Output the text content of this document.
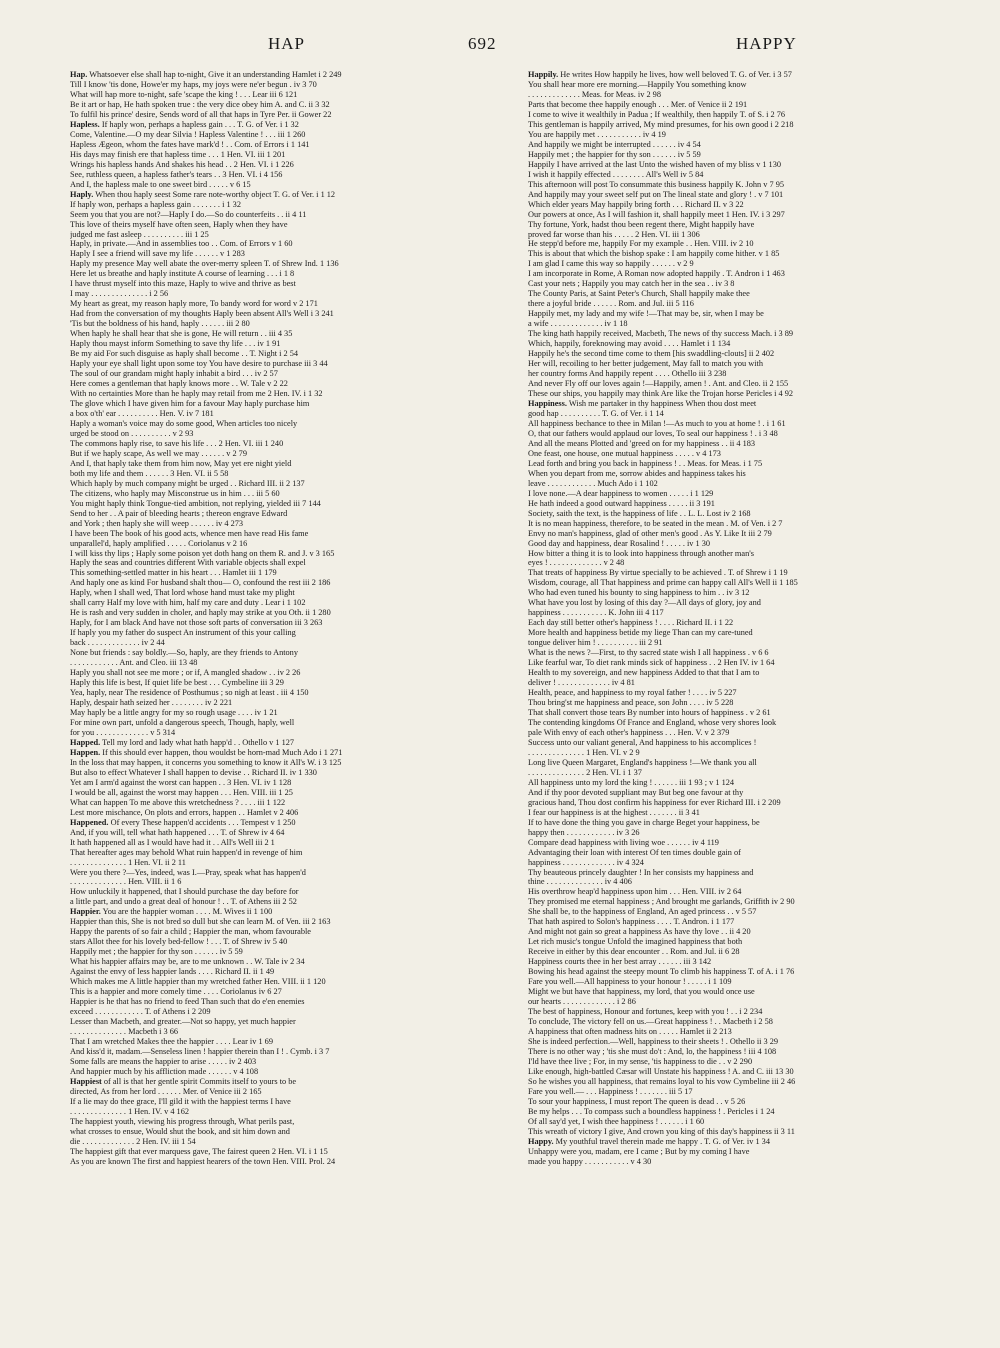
HAP	692	HAPPY
Hap. Whatsoever else shall hap to-night, Give it an understanding Hamlet i 2 249
Till I know 'tis done, Howe'er my haps, my joys were ne'er begun . iv 3 70
What will hap more to-night, safe 'scape the king ! . . . Lear iii 6 121
Be it art or hap, He hath spoken true : the very dice obey him A. and C. ii 3 32
To fulfil his prince' desire, Sends word of all that haps in Tyre Per. ii Gower 22
Hapless. If haply won, perhaps a hapless gain . . . T. G. of Ver. i 1 32
Come, Valentine.—O my dear Silvia ! Hapless Valentine ! . . . iii 1 260
Hapless Ægeon, whom the fates have mark'd ! . . Com. of Errors i 1 141
His days may finish ere that hapless time . . . 1 Hen. VI. iii 1 201
Wrings his hapless hands And shakes his head . . 2 Hen. VI. i 1 226
See, ruthless queen, a hapless father's tears . . 3 Hen. VI. i 4 156
And I, the hapless male to one sweet bird . . . . . v 6 15
Haply. When thou haply seest Some rare note-worthy object T. G. of Ver. i 1 12
If haply won, perhaps a hapless gain . . . . . . . i 1 32
Seem you that you are not?—Haply I do.—So do counterfeits . . ii 4 11
This love of theirs myself have often seen, Haply when they have
judged me fast asleep . . . . . . . . . . iii 1 25
Haply, in private.—And in assemblies too . . Com. of Errors v 1 60
Haply I see a friend will save my life . . . . . . v 1 283
Haply my presence May well abate the over-merry spleen T. of Shrew Ind. 1 136
Here let us breathe and haply institute A course of learning . . . i 1 8
I have thrust myself into this maze, Haply to wive and thrive as best
I may . . . . . . . . . . . . . . i 2 56
My heart as great, my reason haply more, To bandy word for word v 2 171
Had from the conversation of my thoughts Haply been absent All's Well i 3 241
'Tis but the boldness of his hand, haply . . . . . . iii 2 80
When haply he shall hear that she is gone, He will return . . iii 4 35
Haply thou mayst inform Something to save thy life . . . iv 1 91
Be my aid For such disguise as haply shall become . . T. Night i 2 54
Haply your eye shall light upon some toy You have desire to purchase iii 3 44
The soul of our grandam might haply inhabit a bird . . . iv 2 57
Here comes a gentleman that haply knows more . . W. Tale v 2 22
With no certainties More than he haply may retail from me 2 Hen. IV. i 1 32
The glove which I have given him for a favour May haply purchase him
a box o'th' ear . . . . . . . . . . Hen. V. iv 7 181
Haply a woman's voice may do some good, When articles too nicely
urged be stood on . . . . . . . . . . v 2 93
The commons haply rise, to save his life . . . 2 Hen. VI. iii 1 240
But if we haply scape, As well we may . . . . . . v 2 79
And I, that haply take them from him now, May yet ere night yield
both my life and them . . . . . . 3 Hen. VI. ii 5 58
Which haply by much company might be urged . . Richard III. ii 2 137
The citizens, who haply may Misconstrue us in him . . . iii 5 60
You might haply think Tongue-tied ambition, not replying, yielded iii 7 144
Send to her . . A pair of bleeding hearts ; thereon engrave Edward
and York ; then haply she will weep . . . . . . iv 4 273
I have been The book of his good acts, whence men have read His fame
unparallel'd, haply amplified . . . . . Coriolanus v 2 16
I will kiss thy lips ; Haply some poison yet doth hang on them R. and J. v 3 165
Haply the seas and countries different With variable objects shall expel
This something-settled matter in his heart . . . Hamlet iii 1 179
And haply one as kind For husband shalt thou— O, confound the rest iii 2 186
Haply, when I shall wed, That lord whose hand must take my plight
shall carry Half my love with him, half my care and duty . Lear i 1 102
He is rash and very sudden in choler, and haply may strike at you Oth. ii 1 280
Haply, for I am black And have not those soft parts of conversation iii 3 263
If haply you my father do suspect An instrument of this your calling
back . . . . . . . . . . . . . iv 2 44
None but friends : say boldly.—So, haply, are they friends to Antony
. . . . . . . . . . . . Ant. and Cleo. iii 13 48
Haply you shall not see me more ; or if, A mangled shadow . . iv 2 26
Haply this life is best, If quiet life be best . . . Cymbeline iii 3 29
Yea, haply, near The residence of Posthumus ; so nigh at least . iii 4 150
Haply, despair hath seized her . . . . . . . . iv 2 221
May haply be a little angry for my so rough usage . . . . iv 1 21
For mine own part, unfold a dangerous speech, Though, haply, well
for you . . . . . . . . . . . . . v 5 314
Happed. Tell my lord and lady what hath happ'd . . Othello v 1 127
Happen. If this should ever happen, thou wouldst be horn-mad Much Ado i 1 271
In the loss that may happen, it concerns you something to know it All's W. i 3 125
But also to effect Whatever I shall happen to devise . . Richard II. iv 1 330
Yet am I arm'd against the worst can happen . . 3 Hen. VI. iv 1 128
I would be all, against the worst may happen . . . Hen. VIII. iii 1 25
What can happen To me above this wretchedness ? . . . . iii 1 122
Lest more mischance, On plots and errors, happen . . Hamlet v 2 406
Happened. Of every These happen'd accidents . . . Tempest v 1 250
And, if you will, tell what hath happened . . . T. of Shrew iv 4 64
It hath happened all as I would have had it . . All's Well iii 2 1
That hereafter ages may behold What ruin happen'd in revenge of him
. . . . . . . . . . . . . . 1 Hen. VI. ii 2 11
Were you there ?—Yes, indeed, was I.—Pray, speak what has happen'd
. . . . . . . . . . . . . . Hen. VIII. ii 1 6
How unluckily it happened, that I should purchase the day before for
a little part, and undo a great deal of honour ! . . T. of Athens iii 2 52
Happier. You are the happier woman . . . . M. Wives ii 1 100
Happier than this, She is not bred so dull but she can learn M. of Ven. iii 2 163
Happy the parents of so fair a child ; Happier the man, whom favourable
stars Allot thee for his lovely bed-fellow ! . . . T. of Shrew iv 5 40
Happily met ; the happier for thy son . . . . . . iv 5 59
What his happier affairs may be, are to me unknown . . W. Tale iv 2 34
Against the envy of less happier lands . . . . Richard II. ii 1 49
Which makes me A little happier than my wretched father Hen. VIII. ii 1 120
This is a happier and more comely time . . . . Coriolanus iv 6 27
Happier is he that has no friend to feed Than such that do e'en enemies
exceed . . . . . . . . . . . . T. of Athens i 2 209
Lesser than Macbeth, and greater.—Not so happy, yet much happier
. . . . . . . . . . . . . . Macbeth i 3 66
That I am wretched Makes thee the happier . . . . Lear iv 1 69
And kiss'd it, madam.—Senseless linen ! happier therein than I ! . Cymb. i 3 7
Some falls are means the happier to arise . . . . . iv 2 403
And happier much by his affliction made . . . . . . v 4 108
Happiest of all is that her gentle spirit Commits itself to yours to be
directed, As from her lord . . . . . . Mer. of Venice iii 2 165
If a lie may do thee grace, I'll gild it with the happiest terms I have
. . . . . . . . . . . . . . 1 Hen. IV. v 4 162
The happiest youth, viewing his progress through, What perils past,
what crosses to ensue, Would shut the book, and sit him down and
die . . . . . . . . . . . . . 2 Hen. IV. iii 1 54
The happiest gift that ever marquess gave, The fairest queen 2 Hen. VI. i 1 15
As you are known The first and happiest hearers of the town Hen. VIII. Prol. 24
Happily. He writes How happily he lives, how well beloved T. G. of Ver. i 3 57
You shall hear more ere morning.—Happily You something know
. . . . . . . . . . . . . Meas. for Meas. iv 2 98
Parts that become thee happily enough . . . Mer. of Venice ii 2 191
I come to wive it wealthily in Padua ; If wealthily, then happily T. of S. i 2 76
This gentleman is happily arrived, My mind presumes, for his own good i 2 218
You are happily met . . . . . . . . . . . iv 4 19
And happily we might be interrupted . . . . . . iv 4 54
Happily met ; the happier for thy son . . . . . . iv 5 59
Happily I have arrived at the last Unto the wished haven of my bliss v 1 130
I wish it happily effected . . . . . . . . All's Well iv 5 84
This afternoon will post To consummate this business happily K. John v 7 95
And happily may your sweet self put on The lineal state and glory ! . v 7 101
Which elder years May happily bring forth . . . Richard II. v 3 22
Our powers at once, As I will fashion it, shall happily meet 1 Hen. IV. i 3 297
Thy fortune, York, hadst thou been regent there, Might happily have
proved far worse than his . . . . . 2 Hen. VI. iii 1 306
He stepp'd before me, happily For my example . . Hen. VIII. iv 2 10
This is about that which the bishop spake : I am happily come hither. v 1 85
I am glad I came this way so happily . . . . . . v 2 9
I am incorporate in Rome, A Roman now adopted happily . T. Andron i 1 463
Cast your nets ; Happily you may catch her in the sea . . iv 3 8
The County Paris, at Saint Peter's Church, Shall happily make thee
there a joyful bride . . . . . . Rom. and Jul. iii 5 116
Happily met, my lady and my wife !—That may be, sir, when I may be
a wife . . . . . . . . . . . . . iv 1 18
The king hath happily received, Macbeth, The news of thy success Mach. i 3 89
Which, happily, foreknowing may avoid . . . . Hamlet i 1 134
Happily he's the second time come to them [his swaddling-clouts] ii 2 402
Her will, recoiling to her better judgement, May fall to match you with
her country forms And happily repent . . . . Othello iii 3 238
And never Fly off our loves again !—Happily, amen ! . Ant. and Cleo. ii 2 155
These our ships, you happily may think Are like the Trojan horse Pericles i 4 92
Happiness. Wish me partaker in thy happiness When thou dost meet
good hap . . . . . . . . . . T. G. of Ver. i 1 14
All happiness bechance to thee in Milan !—As much to you at home ! . i 1 61
O, that our fathers would applaud our loves, To seal our happiness ! . i 3 48
And all the means Plotted and 'greed on for my happiness . . ii 4 183
One feast, one house, one mutual happiness . . . . . v 4 173
Lead forth and bring you back in happiness ! . . Meas. for Meas. i 1 75
When you depart from me, sorrow abides and happiness takes his
leave . . . . . . . . . . . . Much Ado i 1 102
I love none.—A dear happiness to women . . . . . i 1 129
He hath indeed a good outward happiness . . . . . ii 3 191
Society, saith the text, is the happiness of life . . L. L. Lost iv 2 168
It is no mean happiness, therefore, to be seated in the mean . M. of Ven. i 2 7
Envy no man's happiness, glad of other men's good . As Y. Like It iii 2 79
Good day and happiness, dear Rosalind ! . . . . . iv 1 30
How bitter a thing it is to look into happiness through another man's
eyes ! . . . . . . . . . . . . . v 2 48
That treats of happiness By virtue specially to be achieved . T. of Shrew i 1 19
Wisdom, courage, all That happiness and prime can happy call All's Well ii 1 185
Who had even tuned his bounty to sing happiness to him . . iv 3 12
What have you lost by losing of this day ?—All days of glory, joy and
happiness . . . . . . . . . . . K. John iii 4 117
Each day still better other's happiness ! . . . . Richard II. i 1 22
More health and happiness betide my liege Than can my care-tuned
tongue deliver him ! . . . . . . . . . . iii 2 91
What is the news ?—First, to thy sacred state wish I all happiness . v 6 6
Like fearful war, To diet rank minds sick of happiness . . 2 Hen IV. iv 1 64
Health to my sovereign, and new happiness Added to that that I am to
deliver ! . . . . . . . . . . . . . iv 4 81
Health, peace, and happiness to my royal father ! . . . . iv 5 227
Thou bring'st me happiness and peace, son John . . . . iv 5 228
That shall convert those tears By number into hours of happiness . v 2 61
The contending kingdoms Of France and England, whose very shores look
pale With envy of each other's happiness . . . Hen. V. v 2 379
Success unto our valiant general, And happiness to his accomplices !
. . . . . . . . . . . . . . 1 Hen. VI. v 2 9
Long live Queen Margaret, England's happiness !—We thank you all
. . . . . . . . . . . . . . 2 Hen. VI. i 1 37
All happiness unto my lord the king ! . . . . . . iii 1 93 ; v 1 124
And if thy poor devoted suppliant may But beg one favour at thy
gracious hand, Thou dost confirm his happiness for ever Richard III. i 2 209
I fear our happiness is at the highest . . . . . . . ii 3 41
If to have done the thing you gave in charge Beget your happiness, be
happy then . . . . . . . . . . . . iv 3 26
Compare dead happiness with living woe . . . . . . iv 4 119
Advantaging their loan with interest Of ten times double gain of
happiness . . . . . . . . . . . . . iv 4 324
Thy beauteous princely daughter ! In her consists my happiness and
thine . . . . . . . . . . . . . . iv 4 406
His overthrow heap'd happiness upon him . . . Hen. VIII. iv 2 64
They promised me eternal happiness ; And brought me garlands, Griffith iv 2 90
She shall be, to the happiness of England, An aged princess . . v 5 57
That hath aspired to Solon's happiness . . . . T. Andron. i 1 177
And might not gain so great a happiness As have thy love . . ii 4 20
Let rich music's tongue Unfold the imagined happiness that both
Receive in either by this dear encounter . . Rom. and Jul. ii 6 28
Happiness courts thee in her best array . . . . . . iii 3 142
Bowing his head against the steepy mount To climb his happiness T. of A. i 1 76
Fare you well.—All happiness to your honour ! . . . . . i 1 109
Might we but have that happiness, my lord, that you would once use
our hearts . . . . . . . . . . . . . i 2 86
The best of happiness, Honour and fortunes, keep with you ! . . i 2 234
To conclude, The victory fell on us.—Great happiness ! . . Macbeth i 2 58
A happiness that often madness hits on . . . . . Hamlet ii 2 213
She is indeed perfection.—Well, happiness to their sheets ! . Othello ii 3 29
There is no other way ; 'tis she must do't : And, lo, the happiness ! iii 4 108
I'ld have thee live ; For, in my sense, 'tis happiness to die . . v 2 290
Like enough, high-battled Cæsar will Unstate his happiness ! A. and C. iii 13 30
So he wishes you all happiness, that remains loyal to his vow Cymbeline iii 2 46
Fare you well.— . . . Happiness ! . . . . . . . iii 5 17
To sour your happiness, I must report The queen is dead . . v 5 26
Be my helps . . . To compass such a boundless happiness ! . Pericles i 1 24
Of all say'd yet, I wish thee happiness ! . . . . . . i 1 60
This wreath of victory I give, And crown you king of this day's happiness ii 3 11
Happy. My youthful travel therein made me happy . T. G. of Ver. iv 1 34
Unhappy were you, madam, ere I came ; But by my coming I have
made you happy . . . . . . . . . . . v 4 30
